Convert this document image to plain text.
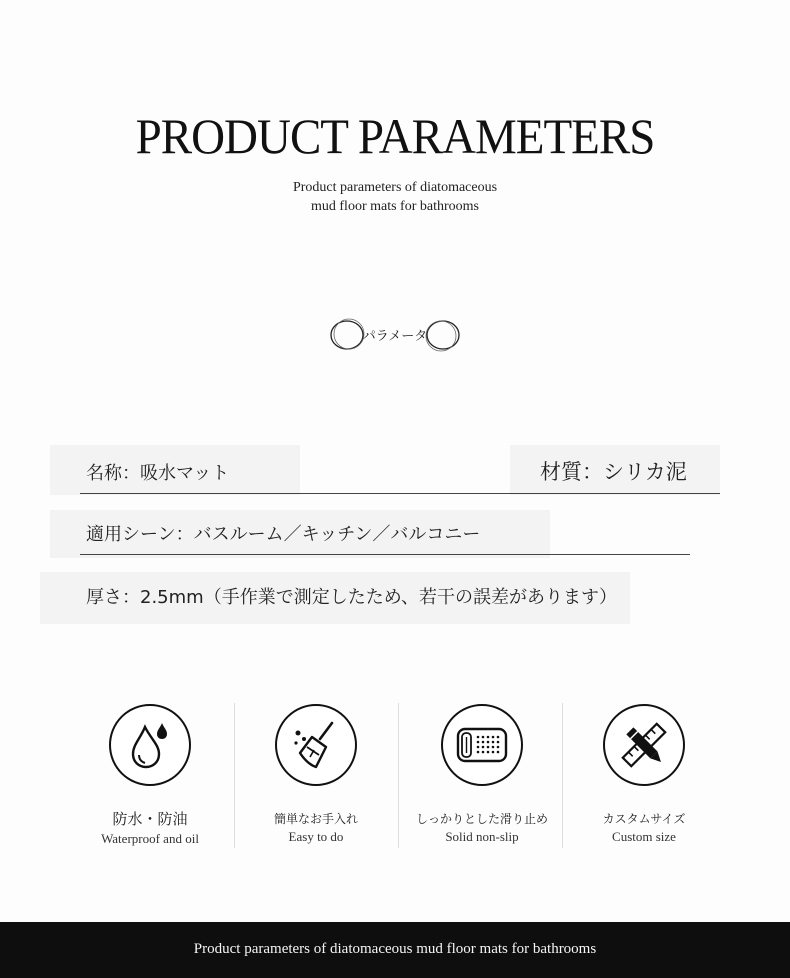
PRODUCT PARAMETERS
Product parameters of diatomaceous
mud floor mats for bathrooms
パラメータ
名称：吸水マット	材質：シリカ泥
適用シーン：バスルーム／キッチン／バルコニー
厚さ：2.5mm（手作業で測定したため、若干の誤差があります）
防水・防油
Waterproof and oil
簡単なお手入れ
Easy to do
しっかりとした滑り止め
Solid non-slip
カスタムサイズ
Custom size
Product parameters of diatomaceous mud floor mats for bathrooms
